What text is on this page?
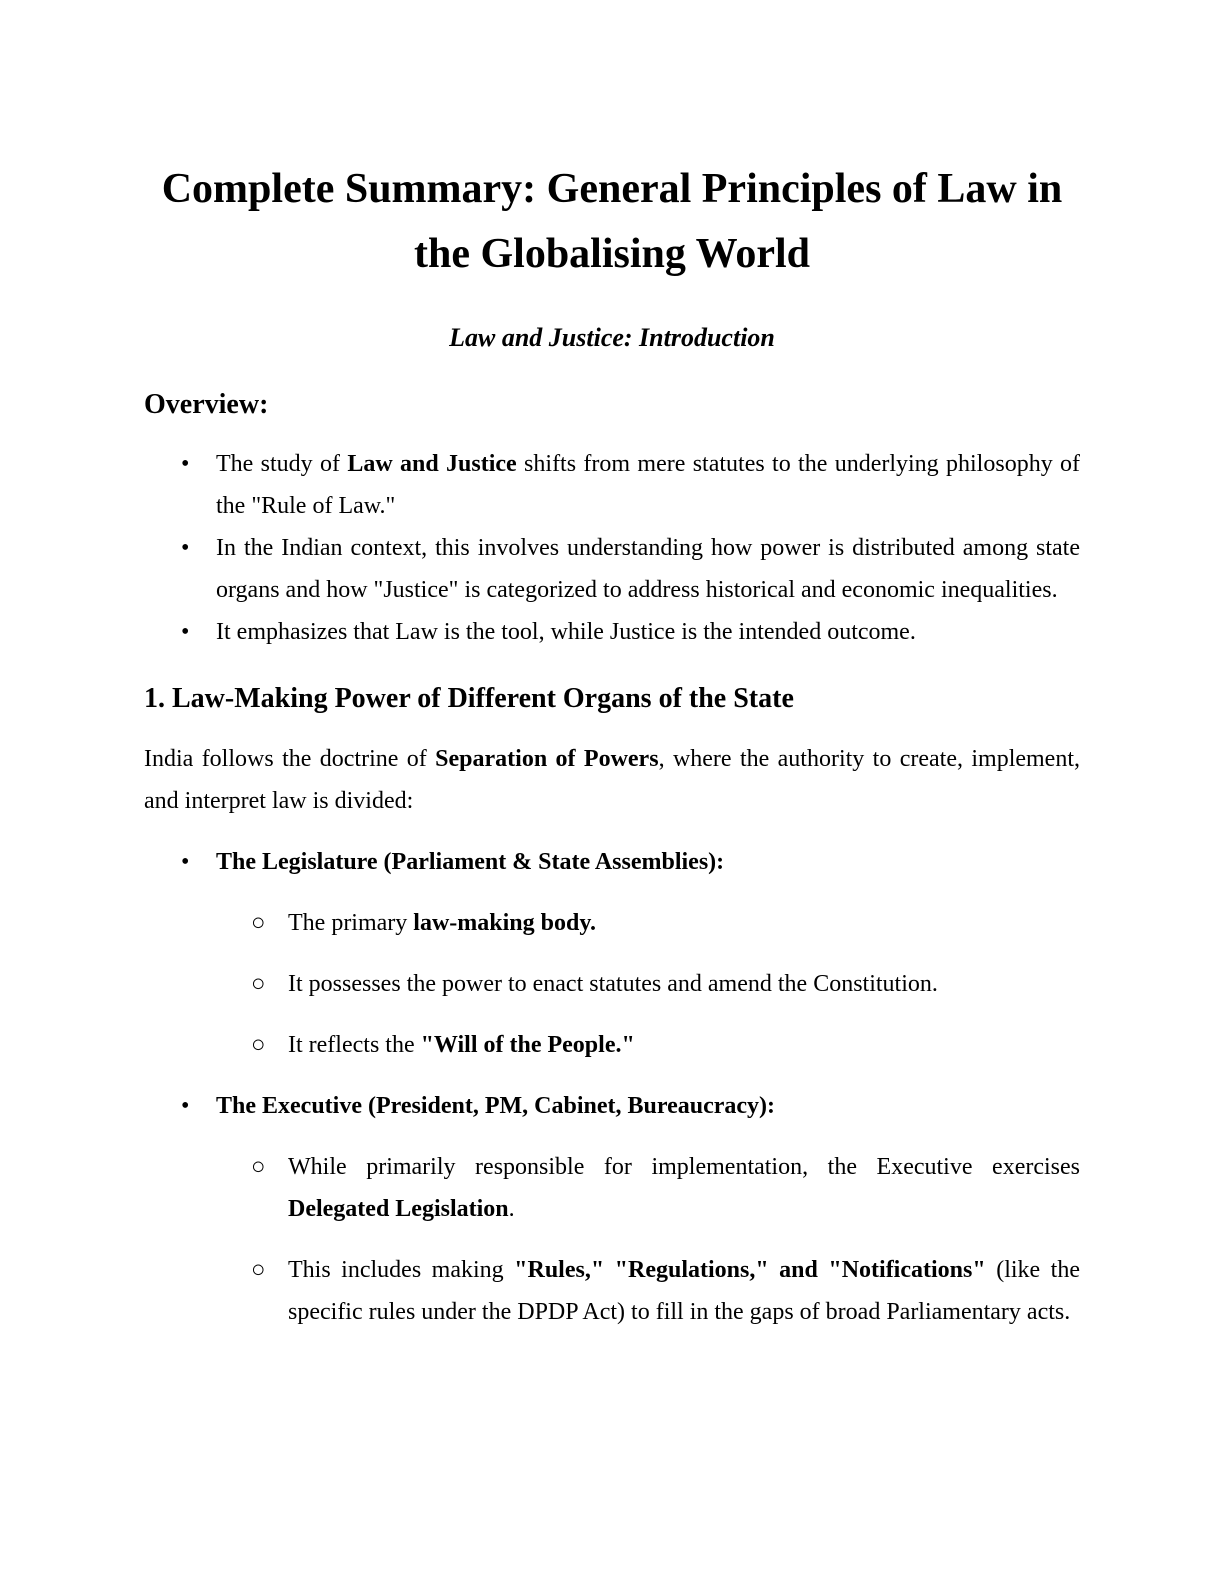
Complete Summary: General Principles of Law in
the Globalising World
Law and Justice: Introduction
Overview:
• The study of Law and Justice shifts from mere statutes to the underlying philosophy of the "Rule of Law."
• In the Indian context, this involves understanding how power is distributed among state organs and how "Justice" is categorized to address historical and economic inequalities.
• It emphasizes that Law is the tool, while Justice is the intended outcome.
1. Law-Making Power of Different Organs of the State
India follows the doctrine of Separation of Powers, where the authority to create, implement, and interpret law is divided:
• The Legislature (Parliament & State Assemblies):
○ The primary law-making body.
○ It possesses the power to enact statutes and amend the Constitution.
○ It reflects the "Will of the People."
• The Executive (President, PM, Cabinet, Bureaucracy):
○ While primarily responsible for implementation, the Executive exercises Delegated Legislation.
○ This includes making "Rules," "Regulations," and "Notifications" (like the specific rules under the DPDP Act) to fill in the gaps of broad Parliamentary acts.
